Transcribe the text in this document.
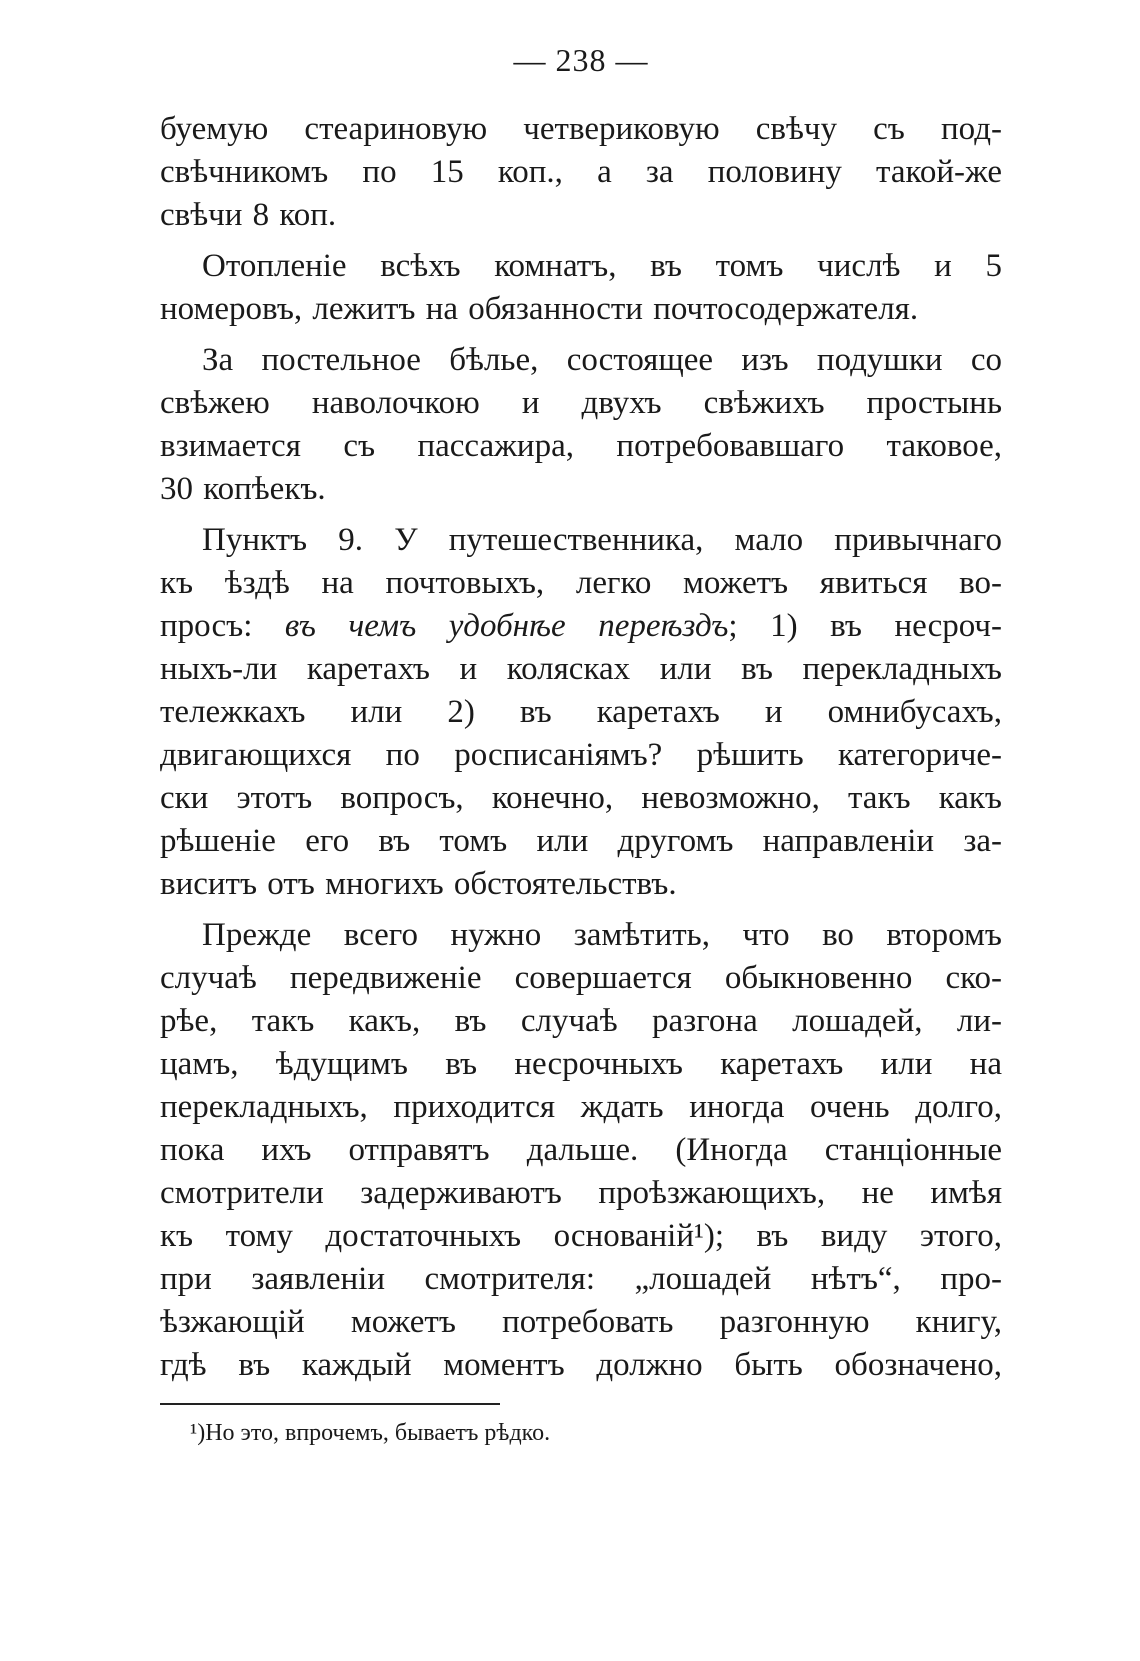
— 238 —
буемую стеариновую четвериковую свѣчу съ под-
свѣчникомъ по 15 коп., а за половину такой-же
свѣчи 8 коп.
Отопленіе всѣхъ комнатъ, въ томъ числѣ и 5
номеровъ, лежитъ на обязанности почтосодержателя.
За постельное бѣлье, состоящее изъ подушки со
свѣжею наволочкою и двухъ свѣжихъ простынь
взимается съ пассажира, потребовавшаго таковое,
30 копѣекъ.
Пунктъ 9. У путешественника, мало привычнаго
къ ѣздѣ на почтовыхъ, легко можетъ явиться во-
просъ: въ чемъ удобнѣе переѣздъ; 1) въ несроч-
ныхъ-ли каретахъ и колясках или въ перекладныхъ
тележкахъ или 2) въ каретахъ и омнибусахъ,
двигающихся по росписаніямъ? рѣшить категориче-
ски этотъ вопросъ, конечно, невозможно, такъ какъ
рѣшеніе его въ томъ или другомъ направленіи за-
виситъ отъ многихъ обстоятельствъ.
Прежде всего нужно замѣтить, что во второмъ
случаѣ передвиженіе совершается обыкновенно ско-
рѣе, такъ какъ, въ случаѣ разгона лошадей, ли-
цамъ, ѣдущимъ въ несрочныхъ каретахъ или на
перекладныхъ, приходится ждать иногда очень долго,
пока ихъ отправятъ дальше. (Иногда станціонные
смотрители задерживаютъ проѣзжающихъ, не имѣя
къ тому достаточныхъ основаній¹); въ виду этого,
при заявленіи смотрителя: „лошадей нѣтъ“, про-
ѣзжающій можетъ потребовать разгонную книгу,
гдѣ въ каждый моментъ должно быть обозначено,
¹)Но это, впрочемъ, бываетъ рѣдко.
